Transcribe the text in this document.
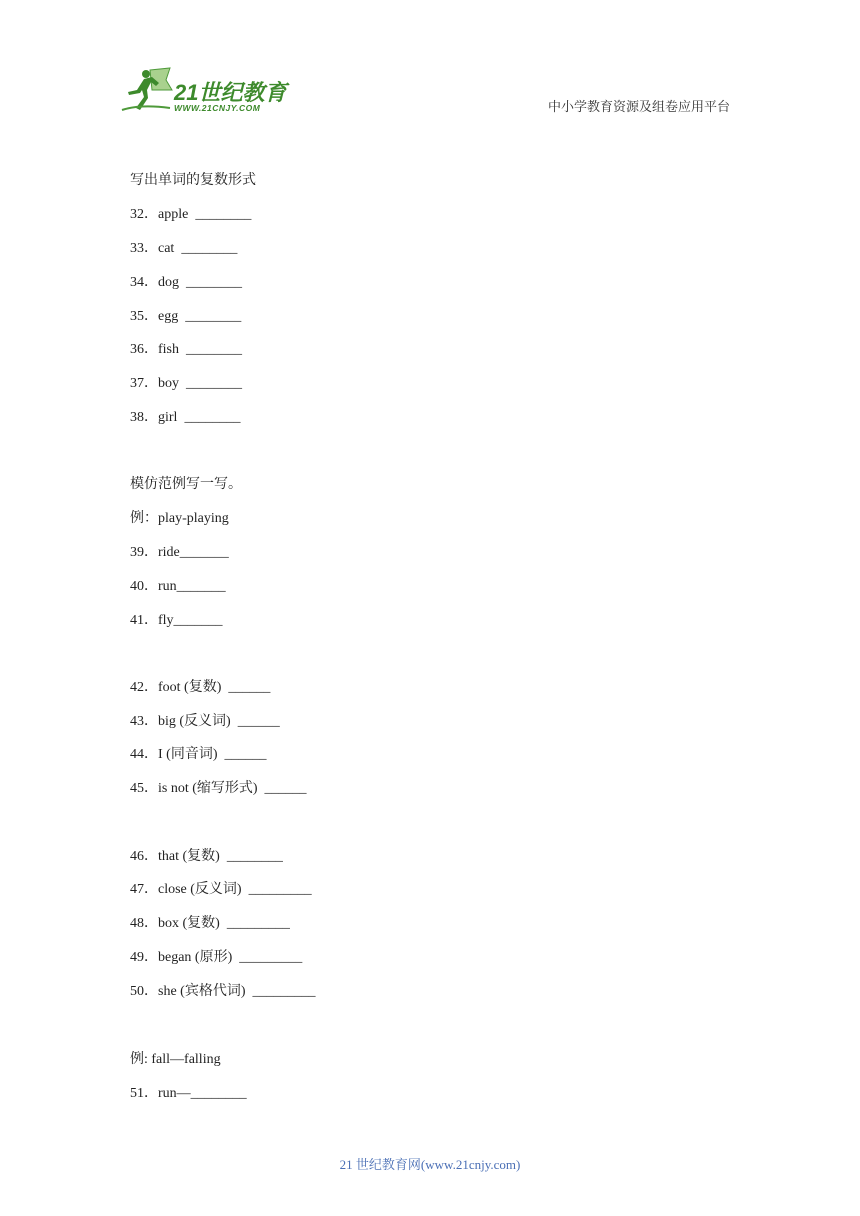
21世纪教育
WWW.21CNJY.COM	中小学教育资源及组卷应用平台
写出单词的复数形式
32．apple  ________
33．cat  ________
34．dog  ________
35．egg  ________
36．fish  ________
37．boy  ________
38．girl  ________
模仿范例写一写。
例：play-playing
39．ride_______
40．run_______
41．fly_______
42．foot (复数)  ______
43．big (反义词)  ______
44．I (同音词)  ______
45．is not (缩写形式)  ______
46．that (复数)  ________
47．close (反义词)  _________
48．box (复数)  _________
49．began (原形)  _________
50．she (宾格代词)  _________
例: fall—falling
51．run—________
21 世纪教育网(www.21cnjy.com)
